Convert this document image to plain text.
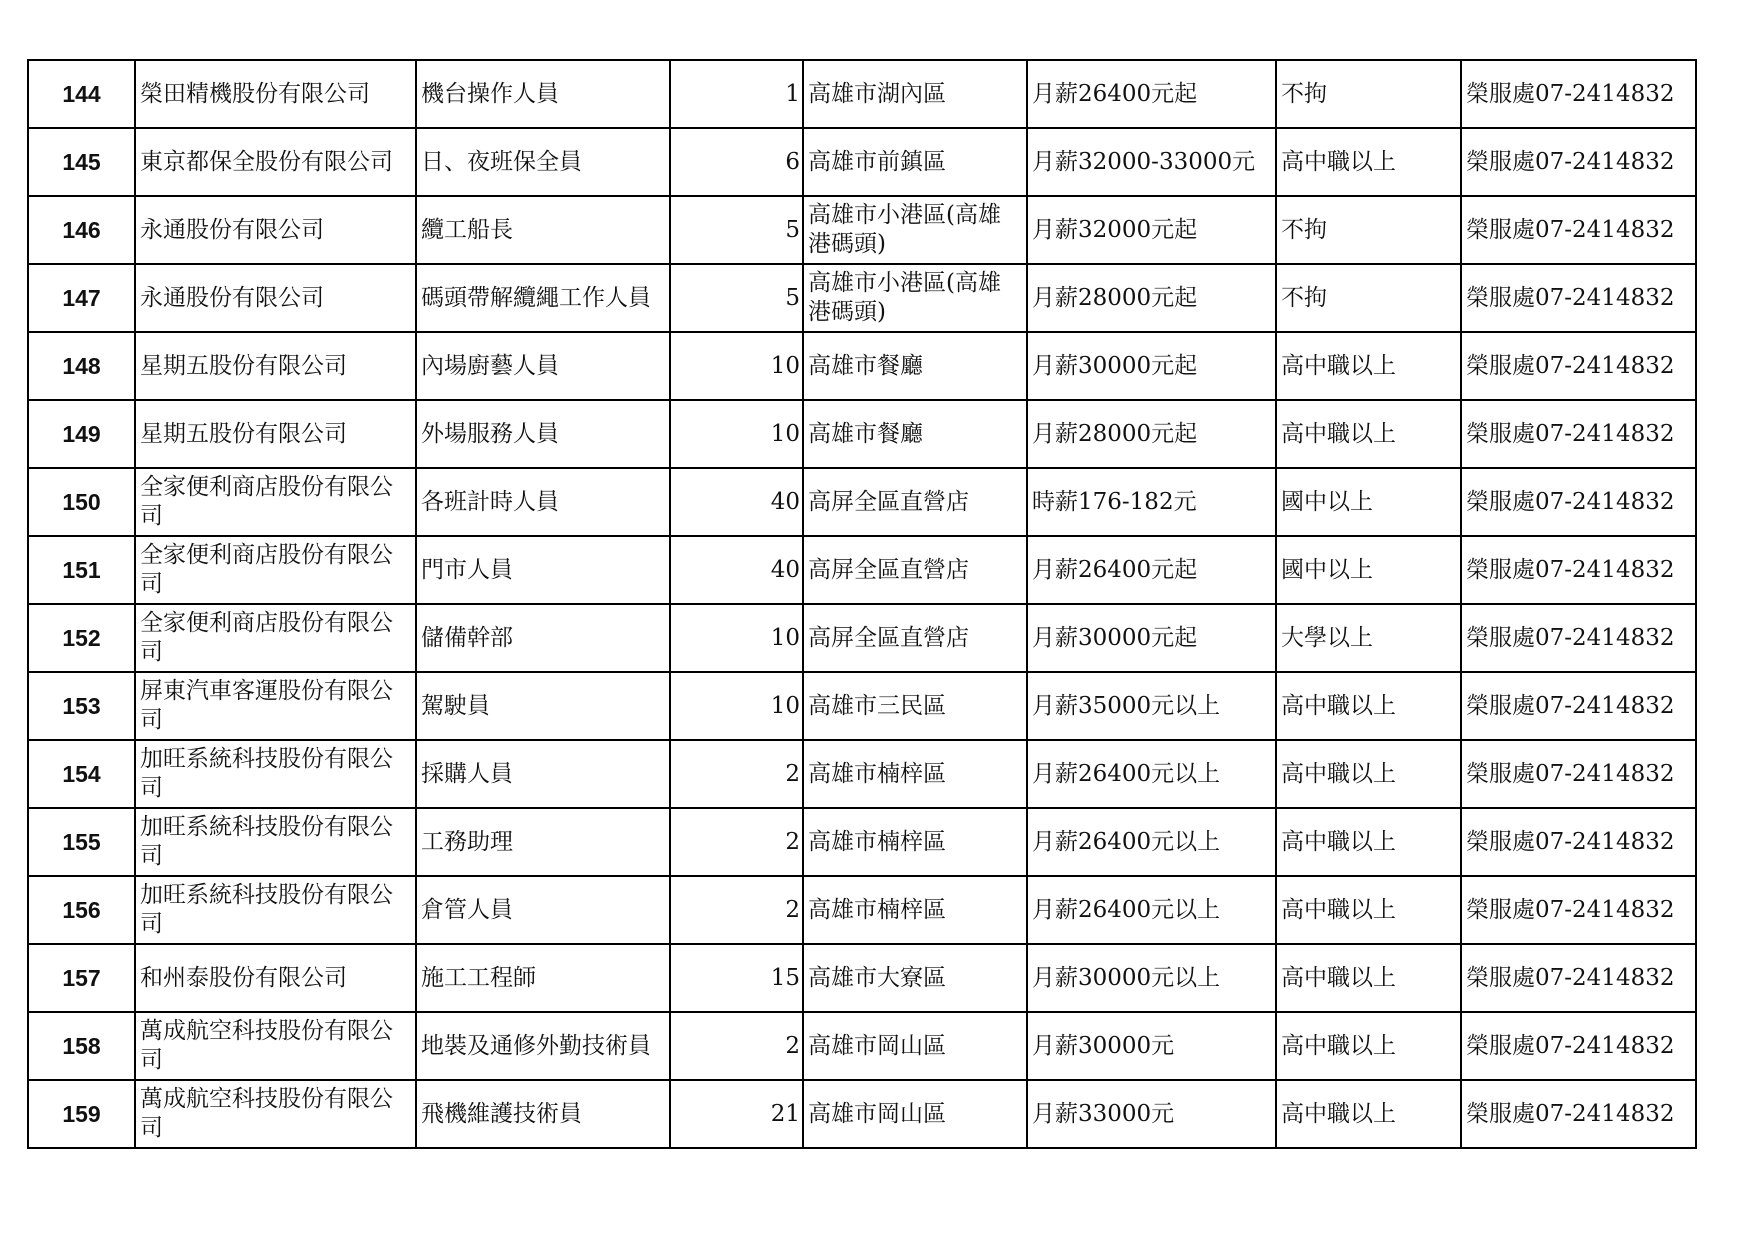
144	榮田精機股份有限公司	機台操作人員	1	高雄市湖內區	月薪26400元起	不拘	榮服處07-2414832
145	東京都保全股份有限公司	日、夜班保全員	6	高雄市前鎮區	月薪32000-33000元	高中職以上	榮服處07-2414832
146	永通股份有限公司	纜工船長	5	高雄市小港區(高雄港碼頭)	月薪32000元起	不拘	榮服處07-2414832
147	永通股份有限公司	碼頭帶解纜繩工作人員	5	高雄市小港區(高雄港碼頭)	月薪28000元起	不拘	榮服處07-2414832
148	星期五股份有限公司	內場廚藝人員	10	高雄市餐廳	月薪30000元起	高中職以上	榮服處07-2414832
149	星期五股份有限公司	外場服務人員	10	高雄市餐廳	月薪28000元起	高中職以上	榮服處07-2414832
150	全家便利商店股份有限公司	各班計時人員	40	高屏全區直營店	時薪176-182元	國中以上	榮服處07-2414832
151	全家便利商店股份有限公司	門市人員	40	高屏全區直營店	月薪26400元起	國中以上	榮服處07-2414832
152	全家便利商店股份有限公司	儲備幹部	10	高屏全區直營店	月薪30000元起	大學以上	榮服處07-2414832
153	屏東汽車客運股份有限公司	駕駛員	10	高雄市三民區	月薪35000元以上	高中職以上	榮服處07-2414832
154	加旺系統科技股份有限公司	採購人員	2	高雄市楠梓區	月薪26400元以上	高中職以上	榮服處07-2414832
155	加旺系統科技股份有限公司	工務助理	2	高雄市楠梓區	月薪26400元以上	高中職以上	榮服處07-2414832
156	加旺系統科技股份有限公司	倉管人員	2	高雄市楠梓區	月薪26400元以上	高中職以上	榮服處07-2414832
157	和州泰股份有限公司	施工工程師	15	高雄市大寮區	月薪30000元以上	高中職以上	榮服處07-2414832
158	萬成航空科技股份有限公司	地裝及通修外勤技術員	2	高雄市岡山區	月薪30000元	高中職以上	榮服處07-2414832
159	萬成航空科技股份有限公司	飛機維護技術員	21	高雄市岡山區	月薪33000元	高中職以上	榮服處07-2414832
